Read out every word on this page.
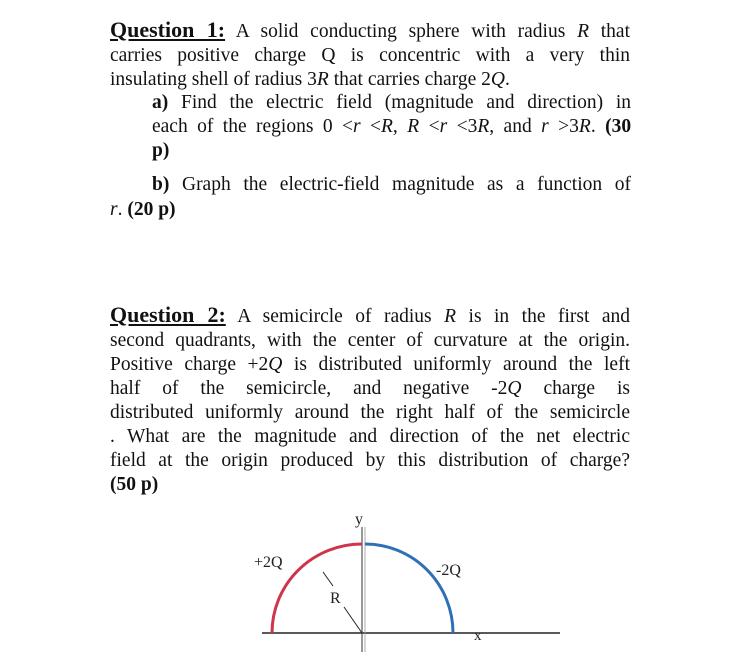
Question 1: A solid conducting sphere with radius R that
carries positive charge Q is concentric with a very thin
insulating shell of radius 3R that carries charge 2Q.
a) Find the electric field (magnitude and direction) in
each of the regions 0 <r <R, R <r <3R, and r >3R. (30
p)
b) Graph the electric-field magnitude as a function of
r. (20 p)
Question 2: A semicircle of radius R is in the first and
second quadrants, with the center of curvature at the origin.
Positive charge +2Q is distributed uniformly around the left
half of the semicircle, and negative -2Q charge is
distributed uniformly around the right half of the semicircle
. What are the magnitude and direction of the net electric
field at the origin produced by this distribution of charge?
(50 p)
y
x
+2Q	-2Q
R
